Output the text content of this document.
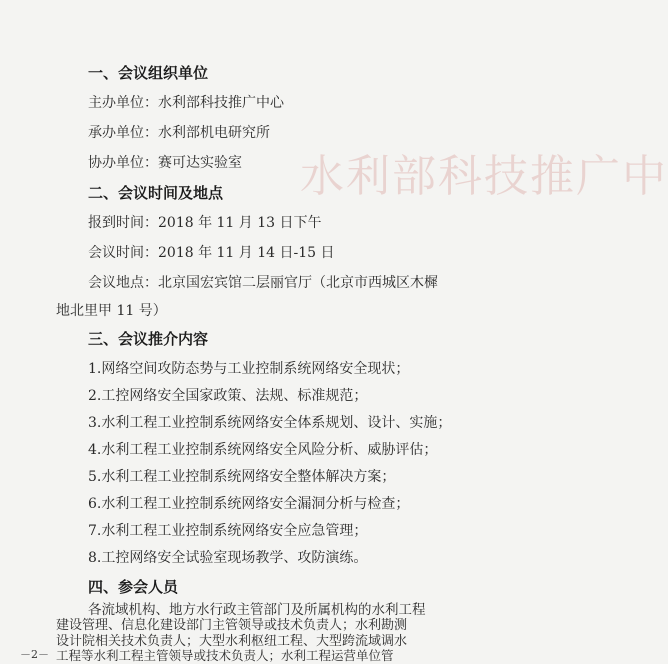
水利部科技推广中
一、会议组织单位
主办单位：水利部科技推广中心
承办单位：水利部机电研究所
协办单位：赛可达实验室
二、会议时间及地点
报到时间：2018 年 11 月 13 日下午
会议时间：2018 年 11 月 14 日-15 日
会议地点：北京国宏宾馆二层丽官厅（北京市西城区木樨
地北里甲 11 号）
三、会议推介内容
1.网络空间攻防态势与工业控制系统网络安全现状；
2.工控网络安全国家政策、法规、标准规范；
3.水利工程工业控制系统网络安全体系规划、设计、实施；
4.水利工程工业控制系统网络安全风险分析、威胁评估；
5.水利工程工业控制系统网络安全整体解决方案；
6.水利工程工业控制系统网络安全漏洞分析与检查；
7.水利工程工业控制系统网络安全应急管理；
8.工控网络安全试验室现场教学、攻防演练。
四、参会人员
各流域机构、地方水行政主管部门及所属机构的水利工程
建设管理、信息化建设部门主管领导或技术负责人；水利勘测
设计院相关技术负责人；大型水利枢纽工程、大型跨流域调水
工程等水利工程主管领导或技术负责人；水利工程运营单位管
－2－
